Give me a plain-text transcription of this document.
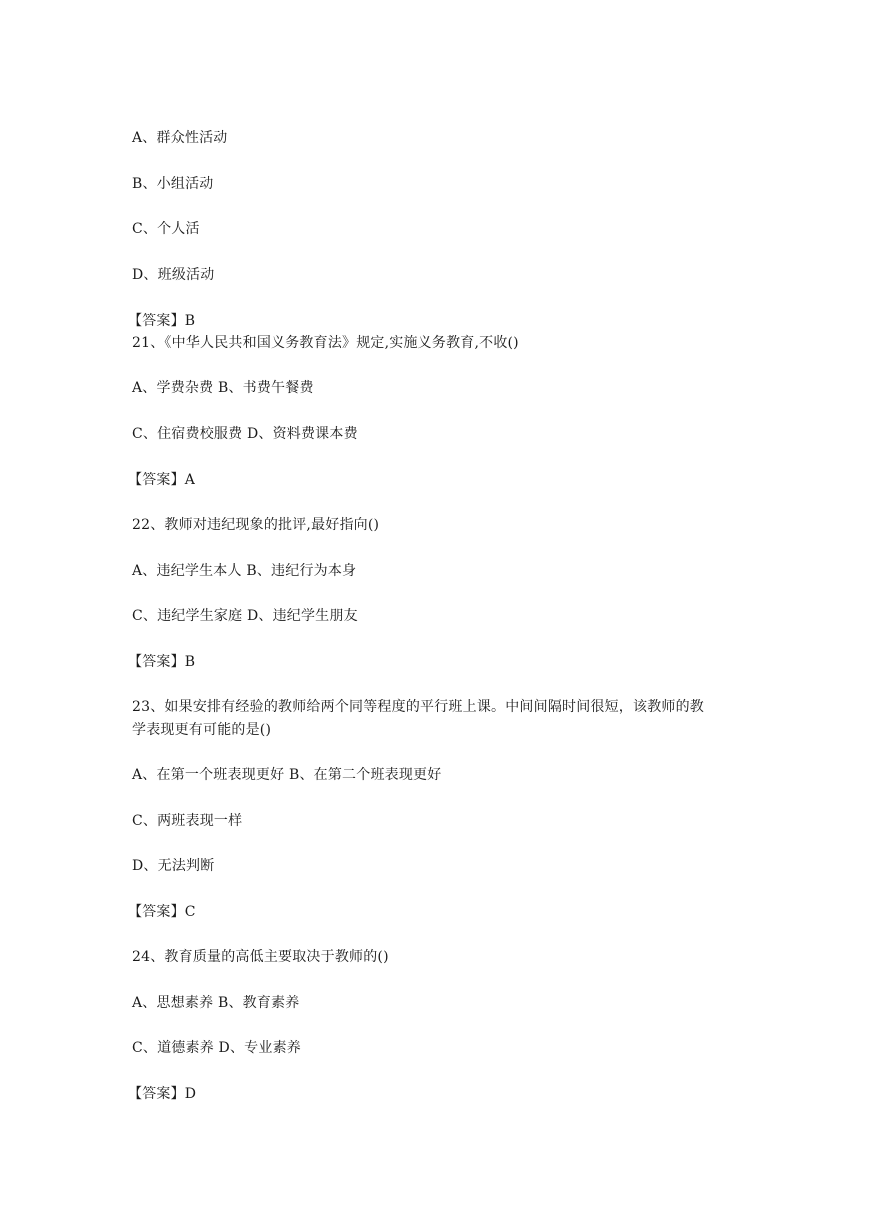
A、群众性活动

B、小组活动

C、个人活

D、班级活动

【答案】B

21、《中华人民共和国义务教育法》规定,实施义务教育,不收()

A、学费杂费 B、书费午餐费

C、住宿费校服费 D、资料费课本费

【答案】A

22、教师对违纪现象的批评,最好指向()

A、违纪学生本人 B、违纪行为本身

C、违纪学生家庭 D、违纪学生朋友

【答案】B

23、如果安排有经验的教师给两个同等程度的平行班上课。中间间隔时间很短，该教师的教

学表现更有可能的是()

A、在第一个班表现更好 B、在第二个班表现更好

C、两班表现一样

D、无法判断

【答案】C

24、教育质量的高低主要取决于教师的()

A、思想素养 B、教育素养

C、道德素养 D、专业素养

【答案】D
